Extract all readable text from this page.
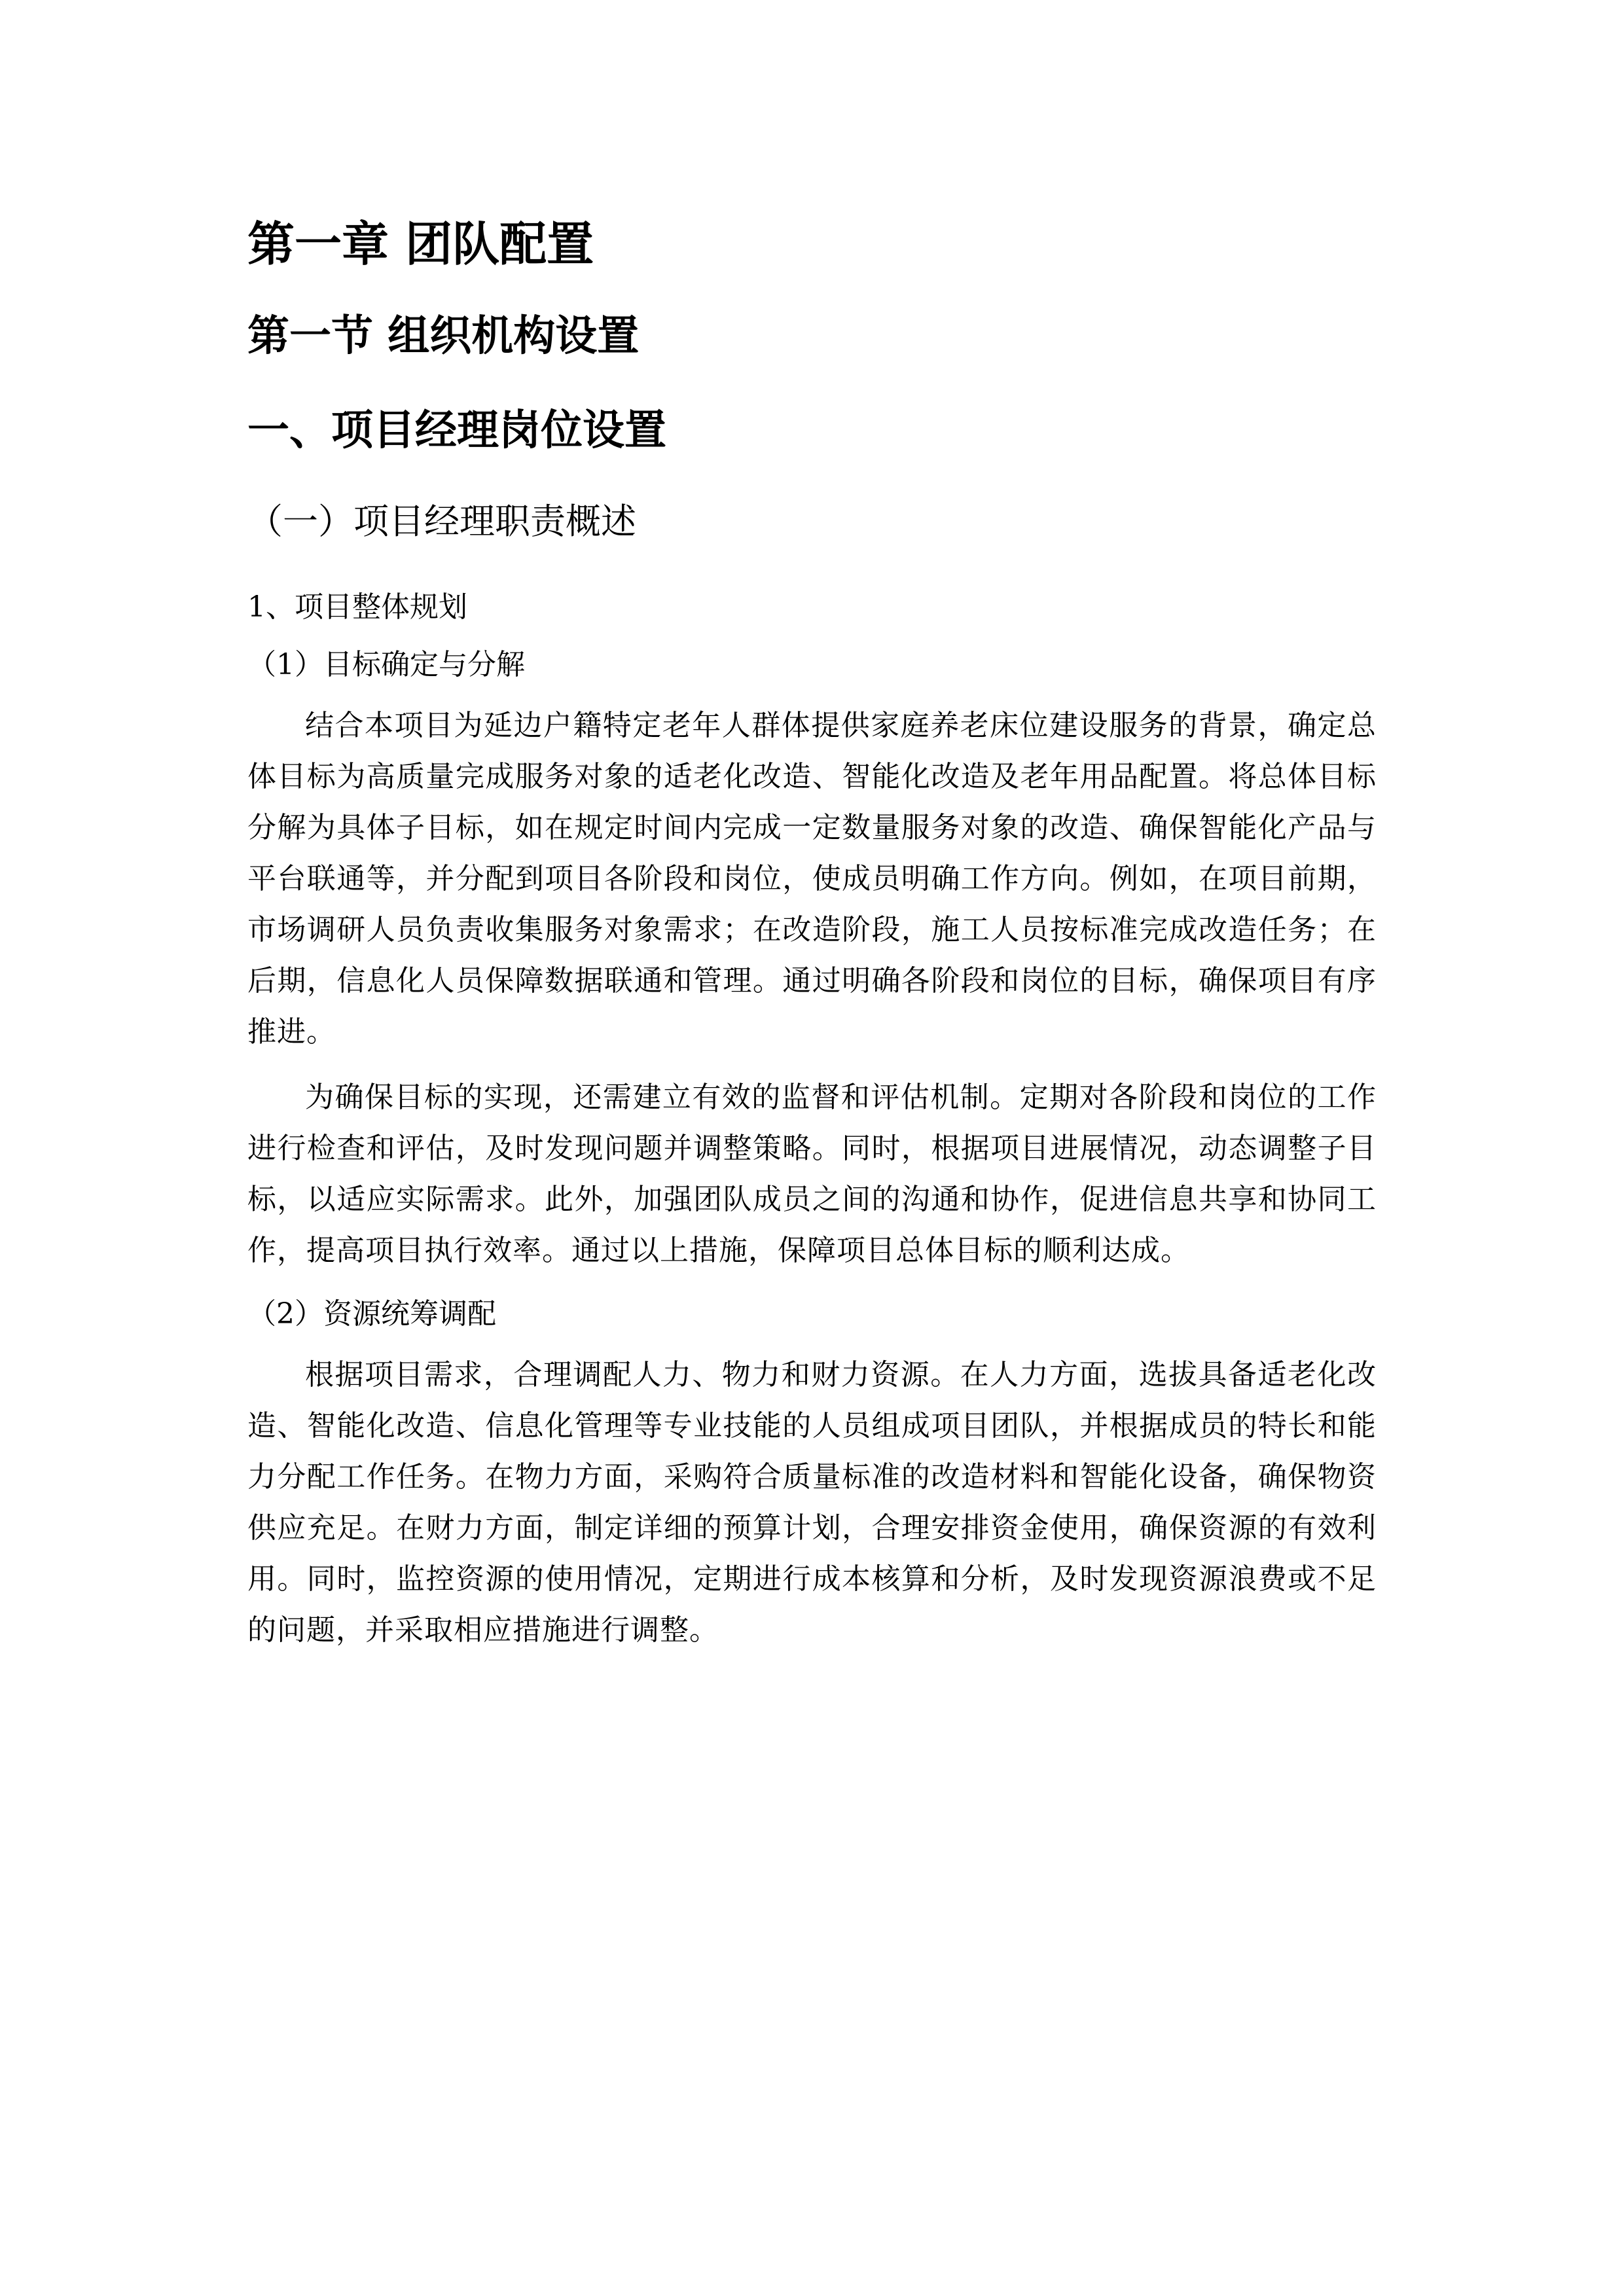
第一章 团队配置
第一节 组织机构设置
一、项目经理岗位设置
（一）项目经理职责概述
1、项目整体规划
（1）目标确定与分解

结合本项目为延边户籍特定老年人群体提供家庭养老床位建设服务的背景，确定总体目标为高质量完成服务对象的适老化改造、智能化改造及老年用品配置。将总体目标分解为具体子目标，如在规定时间内完成一定数量服务对象的改造、确保智能化产品与平台联通等，并分配到项目各阶段和岗位，使成员明确工作方向。例如，在项目前期，市场调研人员负责收集服务对象需求；在改造阶段，施工人员按标准完成改造任务；在后期，信息化人员保障数据联通和管理。通过明确各阶段和岗位的目标，确保项目有序推进。

为确保目标的实现，还需建立有效的监督和评估机制。定期对各阶段和岗位的工作进行检查和评估，及时发现问题并调整策略。同时，根据项目进展情况，动态调整子目标，以适应实际需求。此外，加强团队成员之间的沟通和协作，促进信息共享和协同工作，提高项目执行效率。通过以上措施，保障项目总体目标的顺利达成。

（2）资源统筹调配

根据项目需求，合理调配人力、物力和财力资源。在人力方面，选拔具备适老化改造、智能化改造、信息化管理等专业技能的人员组成项目团队，并根据成员的特长和能力分配工作任务。在物力方面，采购符合质量标准的改造材料和智能化设备，确保物资供应充足。在财力方面，制定详细的预算计划，合理安排资金使用，确保资源的有效利用。同时，监控资源的使用情况，定期进行成本核算和分析，及时发现资源浪费或不足的问题，并采取相应措施进行调整。
